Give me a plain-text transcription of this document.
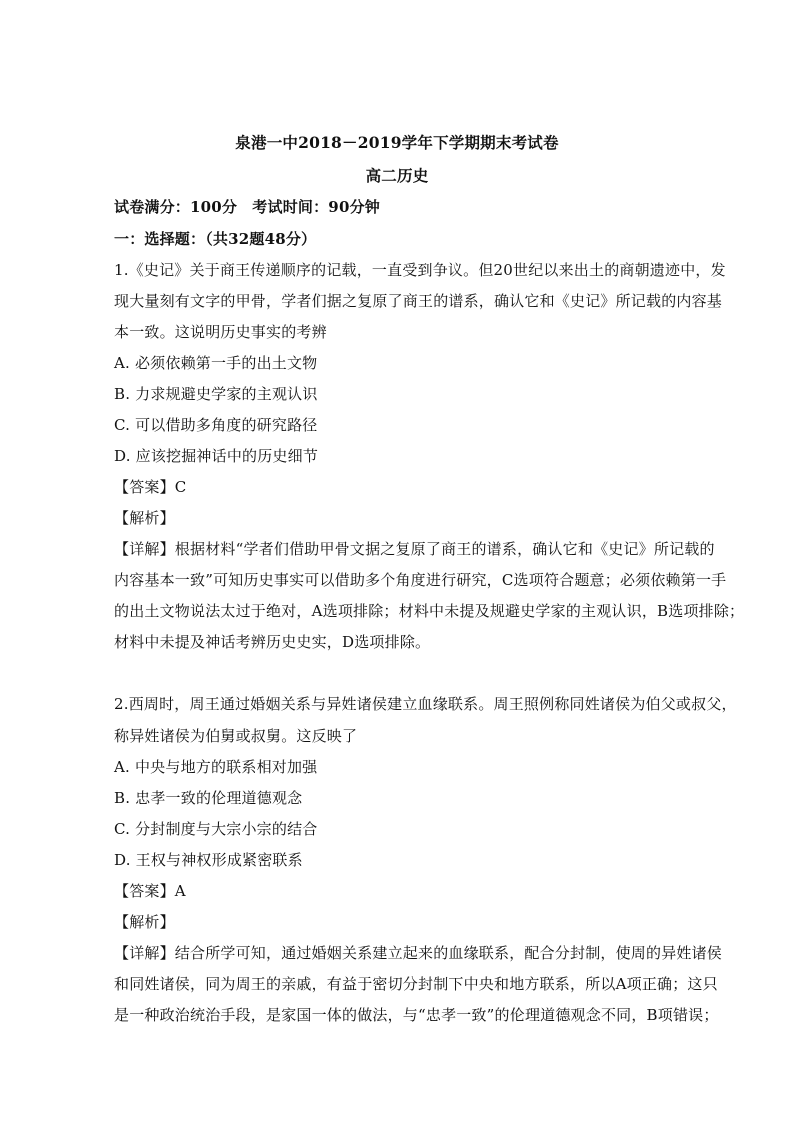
泉港一中2018－2019学年下学期期末考试卷
高二历史
试卷满分：100分　考试时间：90分钟
一：选择题：（共32题48分）
1.《史记》关于商王传递顺序的记载，一直受到争议。但20世纪以来出土的商朝遗迹中，发
现大量刻有文字的甲骨，学者们据之复原了商王的谱系，确认它和《史记》所记载的内容基
本一致。这说明历史事实的考辨
A. 必须依赖第一手的出土文物
B. 力求规避史学家的主观认识
C. 可以借助多角度的研究路径
D. 应该挖掘神话中的历史细节
【答案】C
【解析】
【详解】根据材料“学者们借助甲骨文据之复原了商王的谱系，确认它和《史记》所记载的
内容基本一致”可知历史事实可以借助多个角度进行研究，C选项符合题意；必须依赖第一手
的出土文物说法太过于绝对，A选项排除；材料中未提及规避史学家的主观认识，B选项排除；
材料中未提及神话考辨历史史实，D选项排除。
2.西周时，周王通过婚姻关系与异姓诸侯建立血缘联系。周王照例称同姓诸侯为伯父或叔父，
称异姓诸侯为伯舅或叔舅。这反映了
A. 中央与地方的联系相对加强
B. 忠孝一致的伦理道德观念
C. 分封制度与大宗小宗的结合
D. 王权与神权形成紧密联系
【答案】A
【解析】
【详解】结合所学可知，通过婚姻关系建立起来的血缘联系，配合分封制，使周的异姓诸侯
和同姓诸侯，同为周王的亲戚，有益于密切分封制下中央和地方联系，所以A项正确；这只
是一种政治统治手段，是家国一体的做法，与“忠孝一致”的伦理道德观念不同，B项错误；
